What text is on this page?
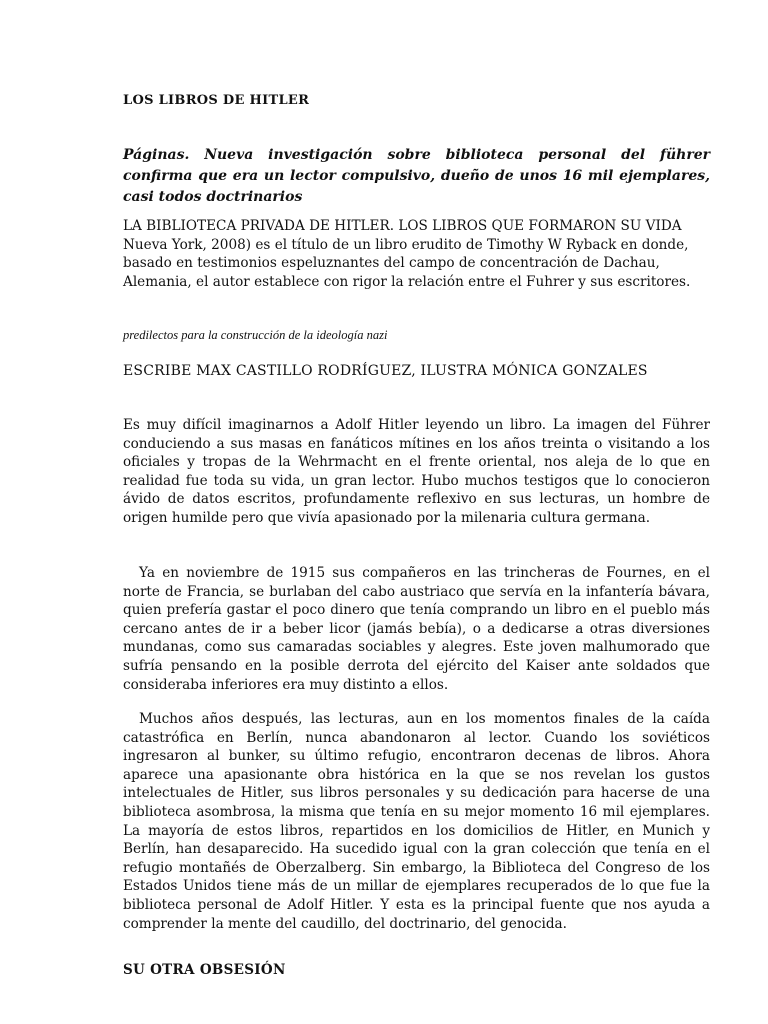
LOS LIBROS DE HITLER

Páginas. Nueva investigación sobre biblioteca personal del führer confirma que era un lector compulsivo, dueño de unos 16 mil ejemplares, casi todos doctrinarios

LA BIBLIOTECA PRIVADA DE HITLER. LOS LIBROS QUE FORMARON SU VIDA Nueva York, 2008) es el título de un libro erudito de Timothy W Ryback en donde, basado en testimonios espeluznantes del campo de concentración de Dachau, Alemania, el autor establece con rigor la relación entre el Fuhrer y sus escritores.

predilectos para la construcción de la ideología nazi

ESCRIBE MAX CASTILLO RODRÍGUEZ, ILUSTRA MÓNICA GONZALES

Es muy difícil imaginarnos a Adolf Hitler leyendo un libro. La imagen del Führer conduciendo a sus masas en fanáticos mítines en los años treinta o visitando a los oficiales y tropas de la Wehrmacht en el frente oriental, nos aleja de lo que en realidad fue toda su vida, un gran lector. Hubo muchos testigos que lo conocieron ávido de datos escritos, profundamente reflexivo en sus lecturas, un hombre de origen humilde pero que vivía apasionado por la milenaria cultura germana.

Ya en noviembre de 1915 sus compañeros en las trincheras de Fournes, en el norte de Francia, se burlaban del cabo austriaco que servía en la infantería bávara, quien prefería gastar el poco dinero que tenía comprando un libro en el pueblo más cercano antes de ir a beber licor (jamás bebía), o a dedicarse a otras diversiones mundanas, como sus camaradas sociables y alegres. Este joven malhumorado que sufría pensando en la posible derrota del ejército del Kaiser ante soldados que consideraba inferiores era muy distinto a ellos.

Muchos años después, las lecturas, aun en los momentos finales de la caída catastrófica en Berlín, nunca abandonaron al lector. Cuando los soviéticos ingresaron al bunker, su último refugio, encontraron decenas de libros. Ahora aparece una apasionante obra histórica en la que se nos revelan los gustos intelectuales de Hitler, sus libros personales y su dedicación para hacerse de una biblioteca asombrosa, la misma que tenía en su mejor momento 16 mil ejemplares. La mayoría de estos libros, repartidos en los domicilios de Hitler, en Munich y Berlín, han desaparecido. Ha sucedido igual con la gran colección que tenía en el refugio montañés de Oberzalberg. Sin embargo, la Biblioteca del Congreso de los Estados Unidos tiene más de un millar de ejemplares recuperados de lo que fue la biblioteca personal de Adolf Hitler. Y esta es la principal fuente que nos ayuda a comprender la mente del caudillo, del doctrinario, del genocida.

SU OTRA OBSESIÓN
